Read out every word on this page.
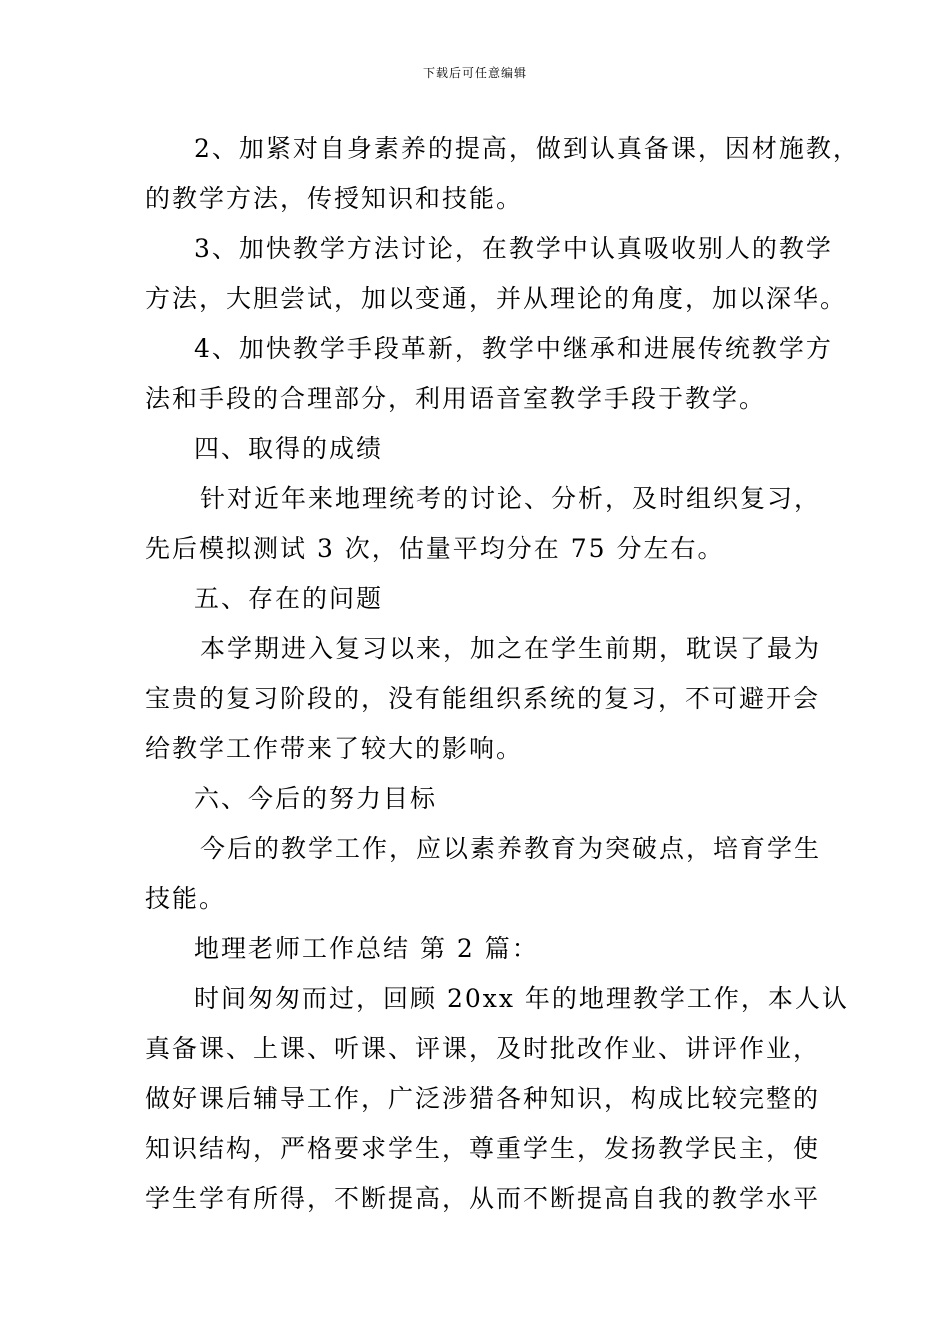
下载后可任意编辑
2、加紧对自身素养的提高，做到认真备课，因材施教，
的教学方法，传授知识和技能。
3、加快教学方法讨论，在教学中认真吸收别人的教学
方法，大胆尝试，加以变通，并从理论的角度，加以深华。
4、加快教学手段革新，教学中继承和进展传统教学方
法和手段的合理部分，利用语音室教学手段于教学。
四、取得的成绩
针对近年来地理统考的讨论、分析，及时组织复习，
先后模拟测试 3 次，估量平均分在 75 分左右。
五、存在的问题
本学期进入复习以来，加之在学生前期，耽误了最为
宝贵的复习阶段的，没有能组织系统的复习，不可避开会
给教学工作带来了较大的影响。
六、今后的努力目标
今后的教学工作，应以素养教育为突破点，培育学生
技能。
地理老师工作总结 第 2 篇：
时间匆匆而过，回顾 20xx 年的地理教学工作，本人认
真备课、上课、听课、评课，及时批改作业、讲评作业，
做好课后辅导工作，广泛涉猎各种知识，构成比较完整的
知识结构，严格要求学生，尊重学生，发扬教学民主，使
学生学有所得，不断提高，从而不断提高自我的教学水平
